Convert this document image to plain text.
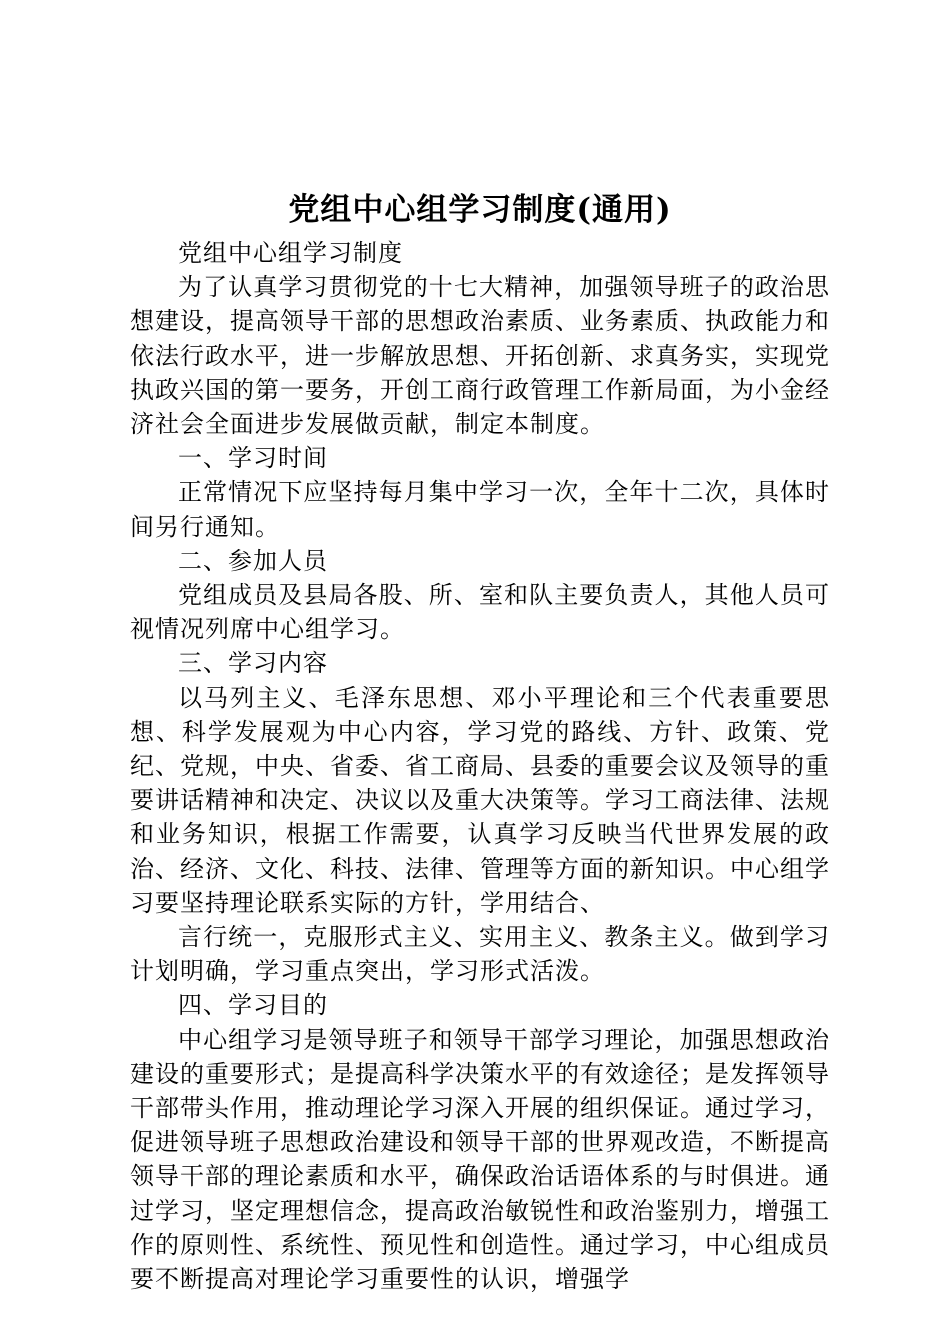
党组中心组学习制度(通用)

党组中心组学习制度

为了认真学习贯彻党的十七大精神，加强领导班子的政治思想建设，提高领导干部的思想政治素质、业务素质、执政能力和依法行政水平，进一步解放思想、开拓创新、求真务实，实现党执政兴国的第一要务，开创工商行政管理工作新局面，为小金经济社会全面进步发展做贡献，制定本制度。

一、学习时间

正常情况下应坚持每月集中学习一次，全年十二次，具体时间另行通知。

二、参加人员

党组成员及县局各股、所、室和队主要负责人，其他人员可视情况列席中心组学习。

三、学习内容

以马列主义、毛泽东思想、邓小平理论和三个代表重要思想、科学发展观为中心内容，学习党的路线、方针、政策、党纪、党规，中央、省委、省工商局、县委的重要会议及领导的重要讲话精神和决定、决议以及重大决策等。学习工商法律、法规和业务知识，根据工作需要，认真学习反映当代世界发展的政治、经济、文化、科技、法律、管理等方面的新知识。中心组学习要坚持理论联系实际的方针，学用结合、

言行统一，克服形式主义、实用主义、教条主义。做到学习计划明确，学习重点突出，学习形式活泼。

四、学习目的

中心组学习是领导班子和领导干部学习理论，加强思想政治建设的重要形式；是提高科学决策水平的有效途径；是发挥领导干部带头作用，推动理论学习深入开展的组织保证。通过学习，促进领导班子思想政治建设和领导干部的世界观改造，不断提高领导干部的理论素质和水平，确保政治话语体系的与时俱进。通过学习，坚定理想信念，提高政治敏锐性和政治鉴别力，增强工作的原则性、系统性、预见性和创造性。通过学习，中心组成员要不断提高对理论学习重要性的认识，增强学
